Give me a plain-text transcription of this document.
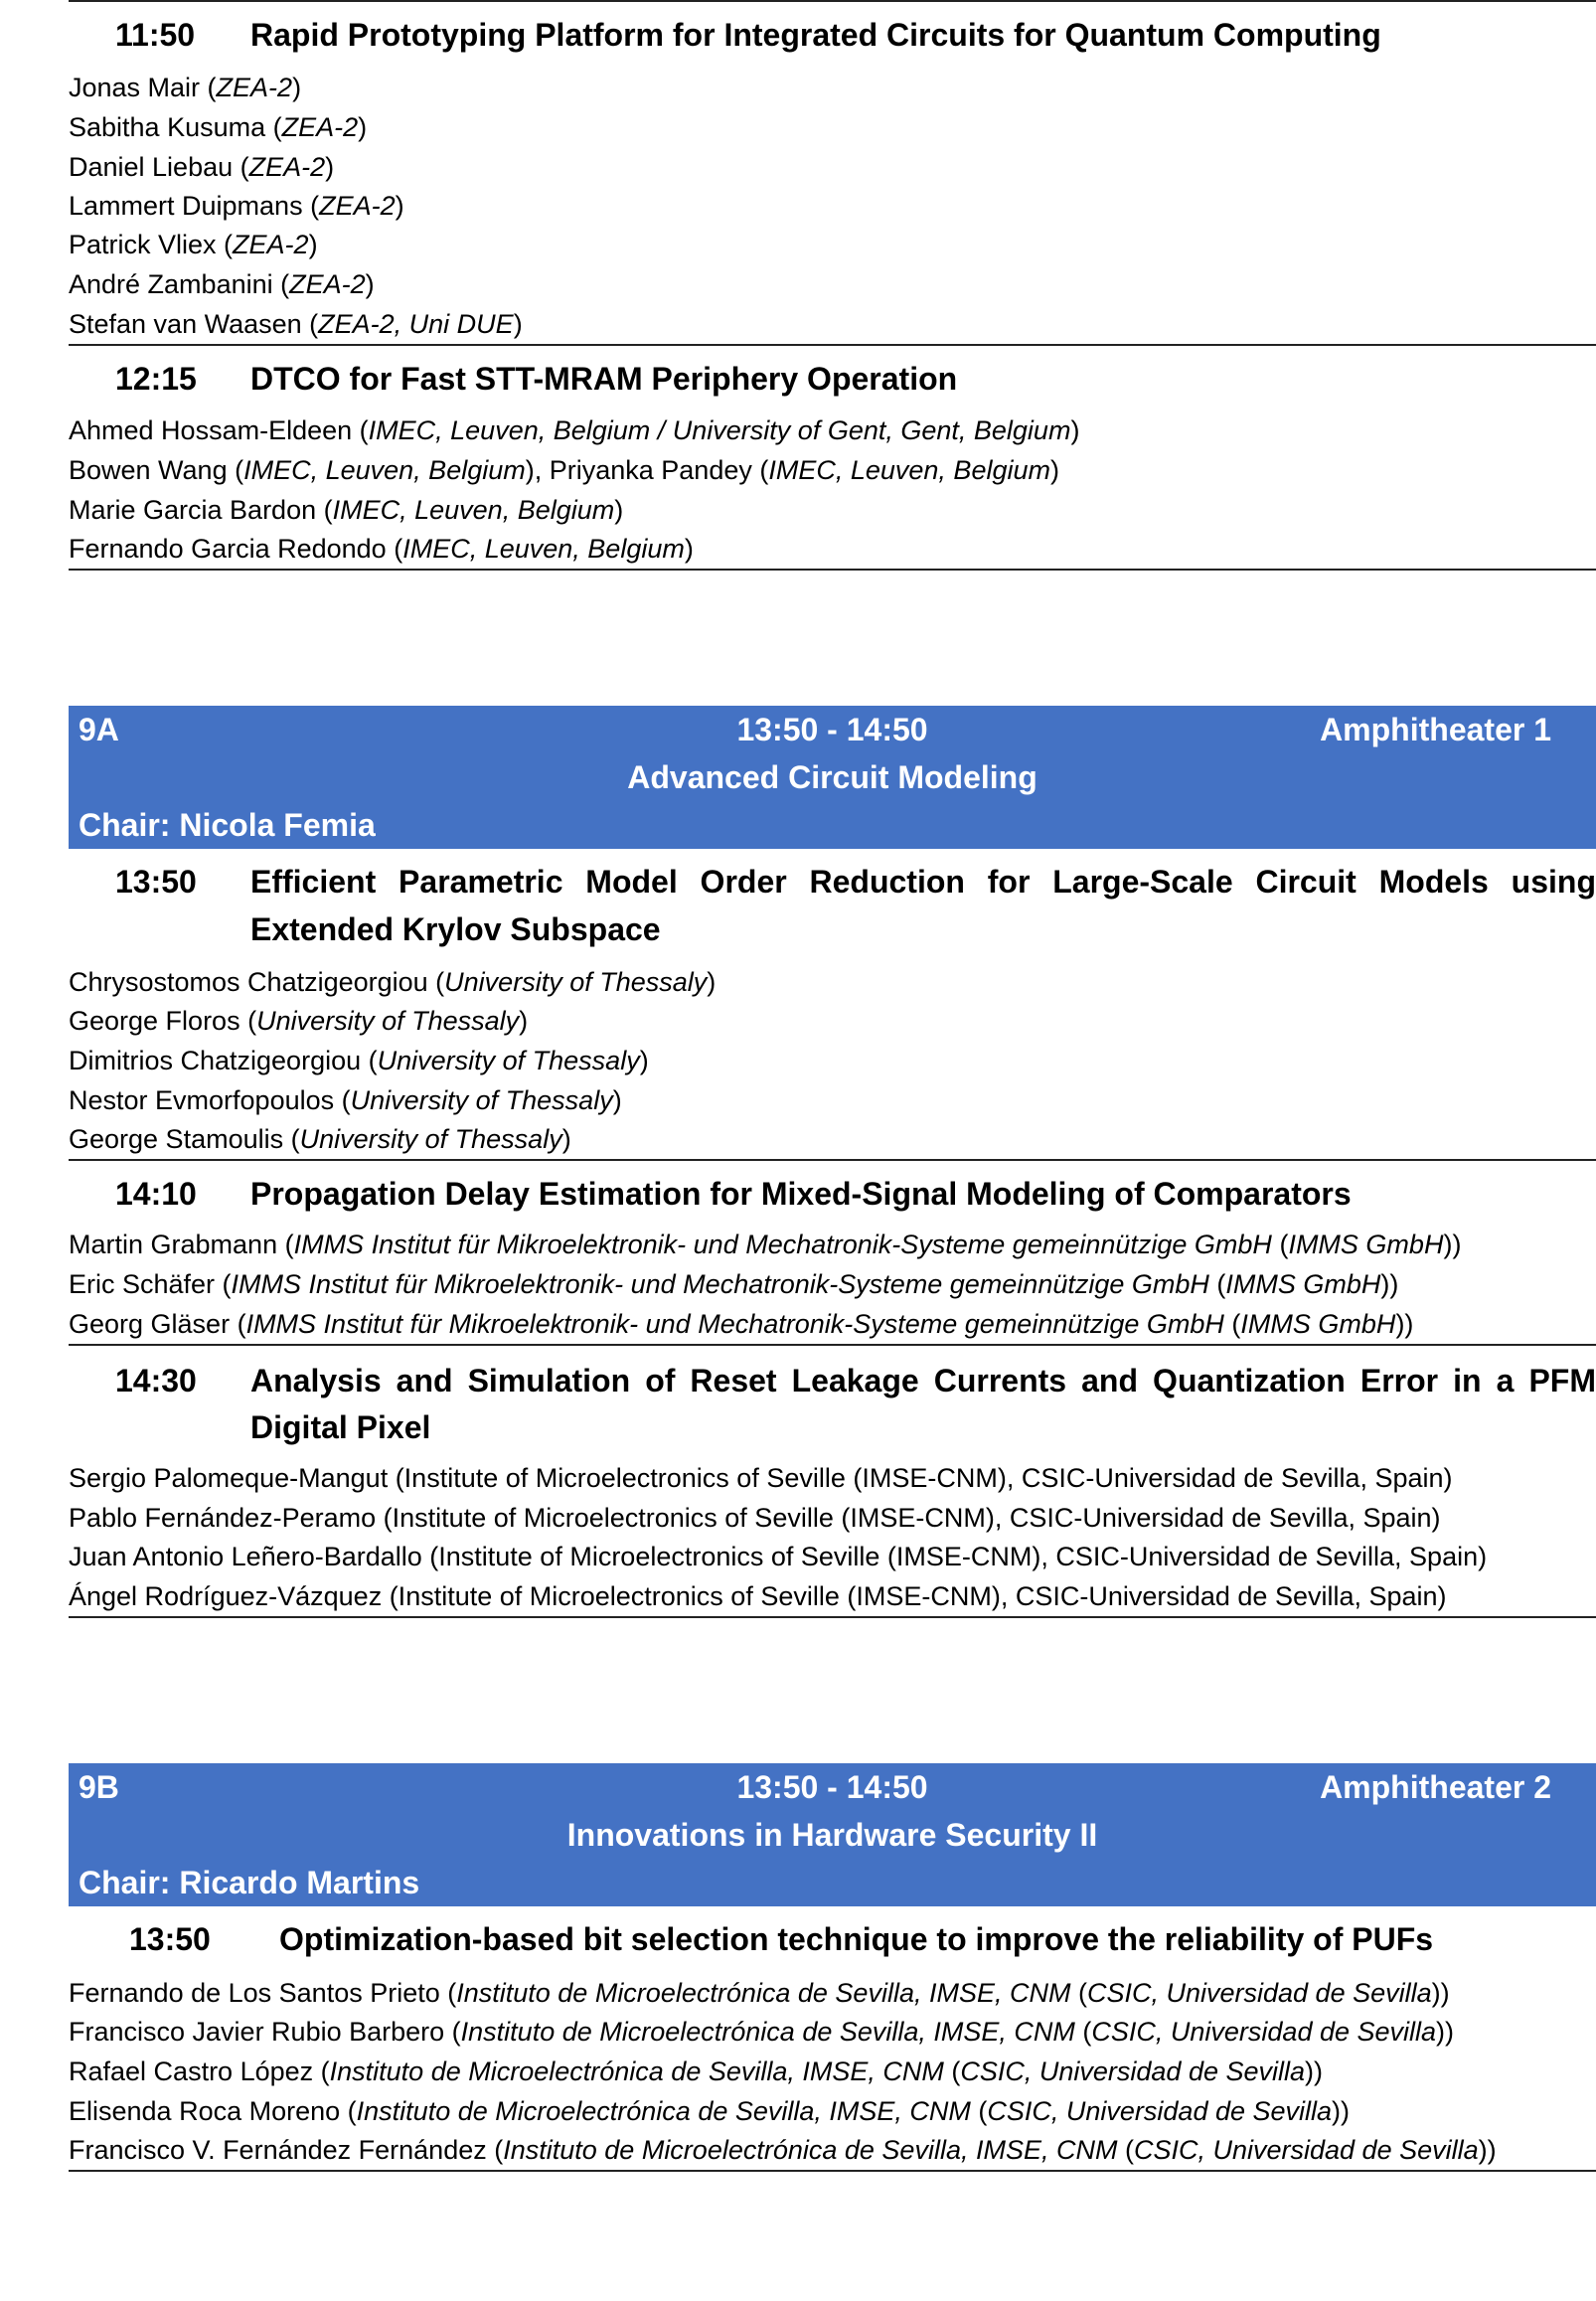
11:50 Rapid Prototyping Platform for Integrated Circuits for Quantum Computing
Jonas Mair (ZEA-2)
Sabitha Kusuma (ZEA-2)
Daniel Liebau (ZEA-2)
Lammert Duipmans (ZEA-2)
Patrick Vliex (ZEA-2)
André Zambanini (ZEA-2)
Stefan van Waasen (ZEA-2, Uni DUE)
12:15 DTCO for Fast STT-MRAM Periphery Operation
Ahmed Hossam-Eldeen (IMEC, Leuven, Belgium / University of Gent, Gent, Belgium)
Bowen Wang (IMEC, Leuven, Belgium), Priyanka Pandey (IMEC, Leuven, Belgium)
Marie Garcia Bardon (IMEC, Leuven, Belgium)
Fernando Garcia Redondo (IMEC, Leuven, Belgium)
9A	13:50 - 14:50	Amphitheater 1
Advanced Circuit Modeling
Chair: Nicola Femia
13:50 Efficient Parametric Model Order Reduction for Large-Scale Circuit Models using
Extended Krylov Subspace
Chrysostomos Chatzigeorgiou (University of Thessaly)
George Floros (University of Thessaly)
Dimitrios Chatzigeorgiou (University of Thessaly)
Nestor Evmorfopoulos (University of Thessaly)
George Stamoulis (University of Thessaly)
14:10 Propagation Delay Estimation for Mixed-Signal Modeling of Comparators
Martin Grabmann (IMMS Institut für Mikroelektronik- und Mechatronik-Systeme gemeinnützige GmbH (IMMS GmbH))
Eric Schäfer (IMMS Institut für Mikroelektronik- und Mechatronik-Systeme gemeinnützige GmbH (IMMS GmbH))
Georg Gläser (IMMS Institut für Mikroelektronik- und Mechatronik-Systeme gemeinnützige GmbH (IMMS GmbH))
14:30 Analysis and Simulation of Reset Leakage Currents and Quantization Error in a PFM
Digital Pixel
Sergio Palomeque-Mangut (Institute of Microelectronics of Seville (IMSE-CNM), CSIC-Universidad de Sevilla, Spain)
Pablo Fernández-Peramo (Institute of Microelectronics of Seville (IMSE-CNM), CSIC-Universidad de Sevilla, Spain)
Juan Antonio Leñero-Bardallo (Institute of Microelectronics of Seville (IMSE-CNM), CSIC-Universidad de Sevilla, Spain)
Ángel Rodríguez-Vázquez (Institute of Microelectronics of Seville (IMSE-CNM), CSIC-Universidad de Sevilla, Spain)
9B	13:50 - 14:50	Amphitheater 2
Innovations in Hardware Security II
Chair: Ricardo Martins
13:50 Optimization-based bit selection technique to improve the reliability of PUFs
Fernando de Los Santos Prieto (Instituto de Microelectrónica de Sevilla, IMSE, CNM (CSIC, Universidad de Sevilla))
Francisco Javier Rubio Barbero (Instituto de Microelectrónica de Sevilla, IMSE, CNM (CSIC, Universidad de Sevilla))
Rafael Castro López (Instituto de Microelectrónica de Sevilla, IMSE, CNM (CSIC, Universidad de Sevilla))
Elisenda Roca Moreno (Instituto de Microelectrónica de Sevilla, IMSE, CNM (CSIC, Universidad de Sevilla))
Francisco V. Fernández Fernández (Instituto de Microelectrónica de Sevilla, IMSE, CNM (CSIC, Universidad de Sevilla))
